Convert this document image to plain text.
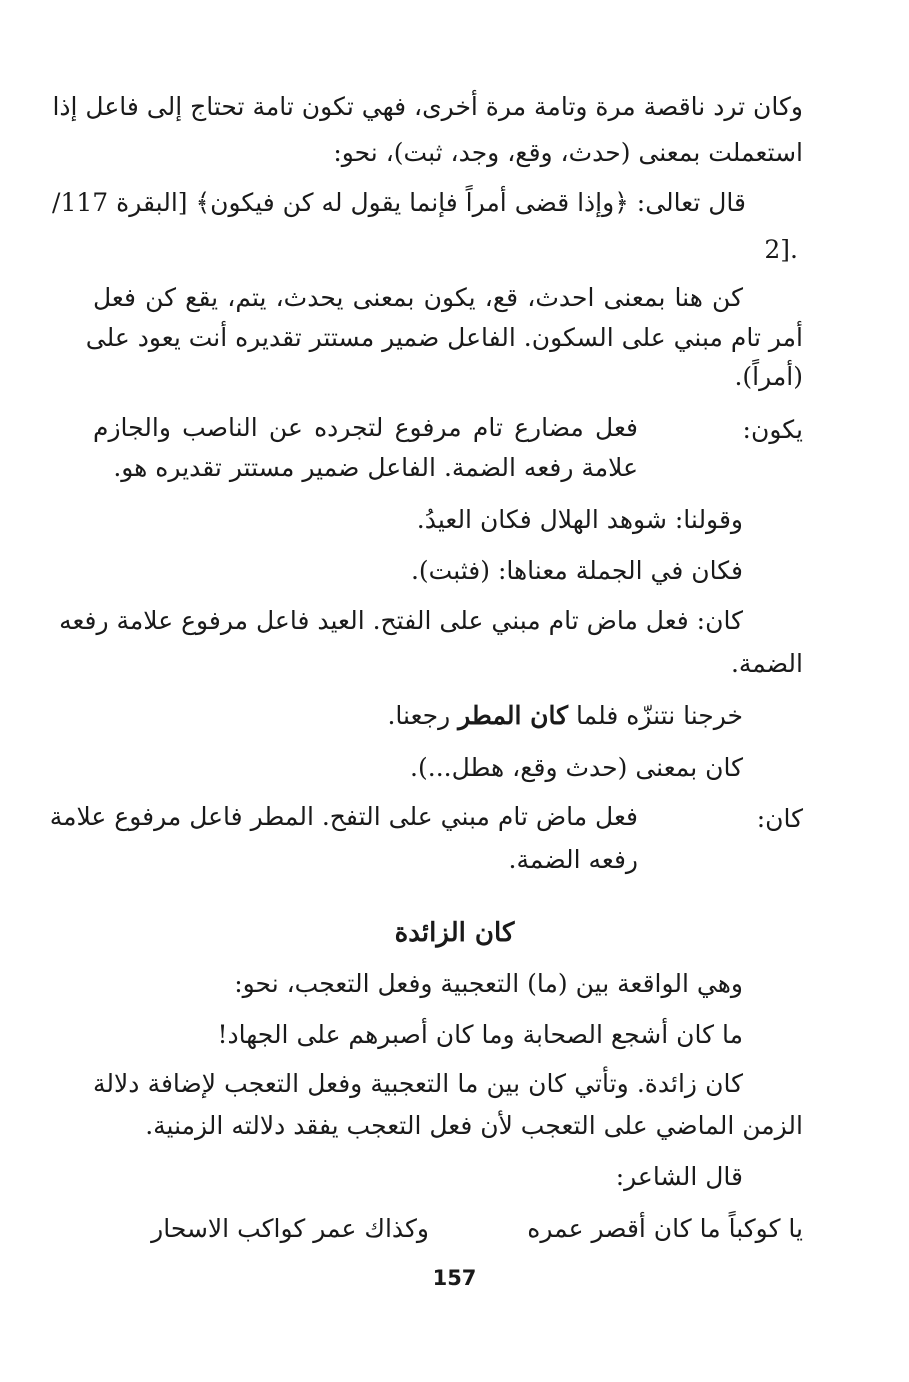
وكان ترد ناقصة مرة وتامة مرة أخرى، فهي تكون تامة تحتاج إلى فاعل إذا
استعملت بمعنى (حدث، وقع، وجد، ثبت)، نحو:
قال تعالى: ﴿وإذا قضى أمراً فإنما يقول له كن فيكون﴾ [البقرة 117/
2].
كن هنا بمعنى احدث، قع، يكون بمعنى يحدث، يتم، يقع كن فعل
أمر تام مبني على السكون. الفاعل ضمير مستتر تقديره أنت يعود على
(أمراً).
يكون:
فعل مضارع تام مرفوع لتجرده عن الناصب والجازم
علامة رفعه الضمة. الفاعل ضمير مستتر تقديره هو.
وقولنا: شوهد الهلال فكان العيدُ.
فكان في الجملة معناها: (فثبت).
كان: فعل ماض تام مبني على الفتح. العيد فاعل مرفوع علامة رفعه
الضمة.
خرجنا نتنزّه فلما كان المطر رجعنا.
كان بمعنى (حدث وقع، هطل...).
كان:
فعل ماض تام مبني على التفح. المطر فاعل مرفوع علامة
رفعه الضمة.
كان الزائدة
وهي الواقعة بين (ما) التعجبية وفعل التعجب، نحو:
ما كان أشجع الصحابة وما كان أصبرهم على الجهاد!
كان زائدة. وتأتي كان بين ما التعجبية وفعل التعجب لإضافة دلالة
الزمن الماضي على التعجب لأن فعل التعجب يفقد دلالته الزمنية.
قال الشاعر:
يا كوكباً ما كان أقصر عمره
وكذاك عمر كواكب الاسحار
157
